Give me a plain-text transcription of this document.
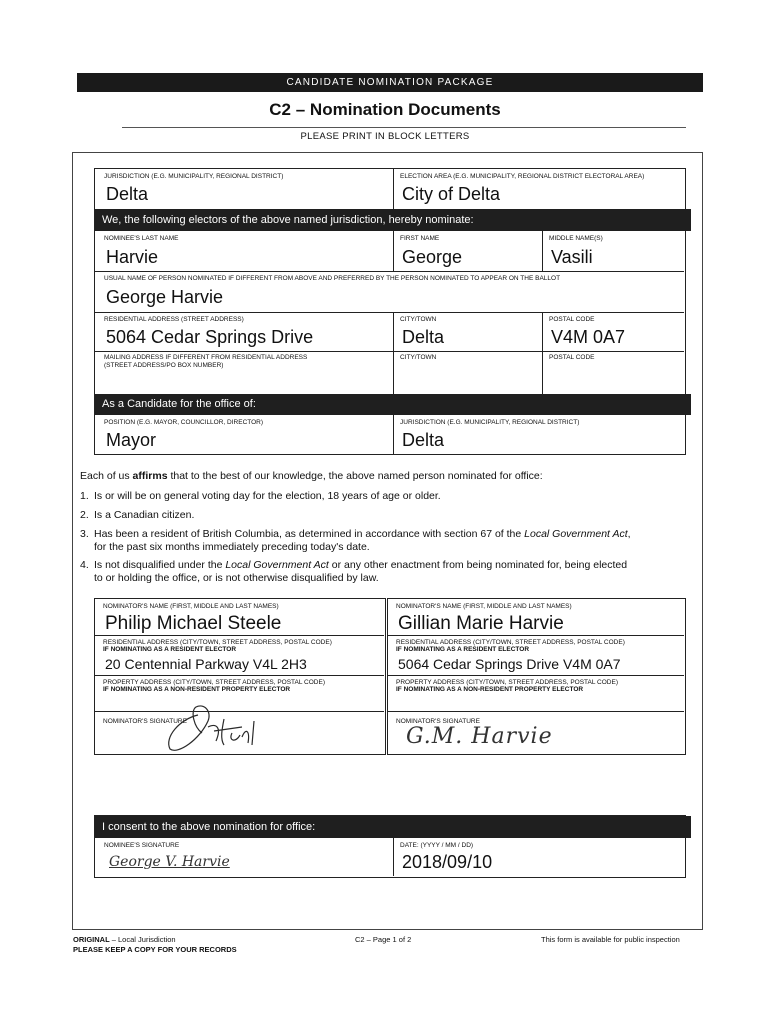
CANDIDATE NOMINATION PACKAGE
C2 – Nomination Documents
PLEASE PRINT IN BLOCK LETTERS
JURISDICTION (E.G. MUNICIPALITY, REGIONAL DISTRICT)
Delta
ELECTION AREA (E.G. MUNICIPALITY, REGIONAL DISTRICT ELECTORAL AREA)
City of Delta
We, the following electors of the above named jurisdiction, hereby nominate:
NOMINEE'S LAST NAME
Harvie
FIRST NAME
George
MIDDLE NAME(S)
Vasili
USUAL NAME OF PERSON NOMINATED IF DIFFERENT FROM ABOVE AND PREFERRED BY THE PERSON NOMINATED TO APPEAR ON THE BALLOT
George Harvie
RESIDENTIAL ADDRESS (STREET ADDRESS)
5064 Cedar Springs Drive
CITY/TOWN
Delta
POSTAL CODE
V4M 0A7
MAILING ADDRESS IF DIFFERENT FROM RESIDENTIAL ADDRESS
(STREET ADDRESS/PO BOX NUMBER)
CITY/TOWN	POSTAL CODE
As a Candidate for the office of:
POSITION (E.G. MAYOR, COUNCILLOR, DIRECTOR)
Mayor
JURISDICTION (E.G. MUNICIPALITY, REGIONAL DISTRICT)
Delta
Each of us affirms that to the best of our knowledge, the above named person nominated for office:
1. Is or will be on general voting day for the election, 18 years of age or older.
2. Is a Canadian citizen.
3. Has been a resident of British Columbia, as determined in accordance with section 67 of the Local Government Act,
for the past six months immediately preceding today's date.
4. Is not disqualified under the Local Government Act or any other enactment from being nominated for, being elected
to or holding the office, or is not otherwise disqualified by law.
NOMINATOR'S NAME (FIRST, MIDDLE AND LAST NAMES)
Philip Michael Steele
RESIDENTIAL ADDRESS (CITY/TOWN, STREET ADDRESS, POSTAL CODE)
IF NOMINATING AS A RESIDENT ELECTOR
20 Centennial Parkway V4L 2H3
PROPERTY ADDRESS (CITY/TOWN, STREET ADDRESS, POSTAL CODE)
IF NOMINATING AS A NON-RESIDENT PROPERTY ELECTOR
NOMINATOR'S SIGNATURE
NOMINATOR'S NAME (FIRST, MIDDLE AND LAST NAMES)
Gillian Marie Harvie
RESIDENTIAL ADDRESS (CITY/TOWN, STREET ADDRESS, POSTAL CODE)
IF NOMINATING AS A RESIDENT ELECTOR
5064 Cedar Springs Drive V4M 0A7
PROPERTY ADDRESS (CITY/TOWN, STREET ADDRESS, POSTAL CODE)
IF NOMINATING AS A NON-RESIDENT PROPERTY ELECTOR
NOMINATOR'S SIGNATURE
G.M. Harvie
I consent to the above nomination for office:
NOMINEE'S SIGNATURE
George V. Harvie
DATE: (YYYY / MM / DD)
2018/09/10
ORIGINAL – Local Jurisdiction
PLEASE KEEP A COPY FOR YOUR RECORDS
C2 – Page 1 of 2	This form is available for public inspection
